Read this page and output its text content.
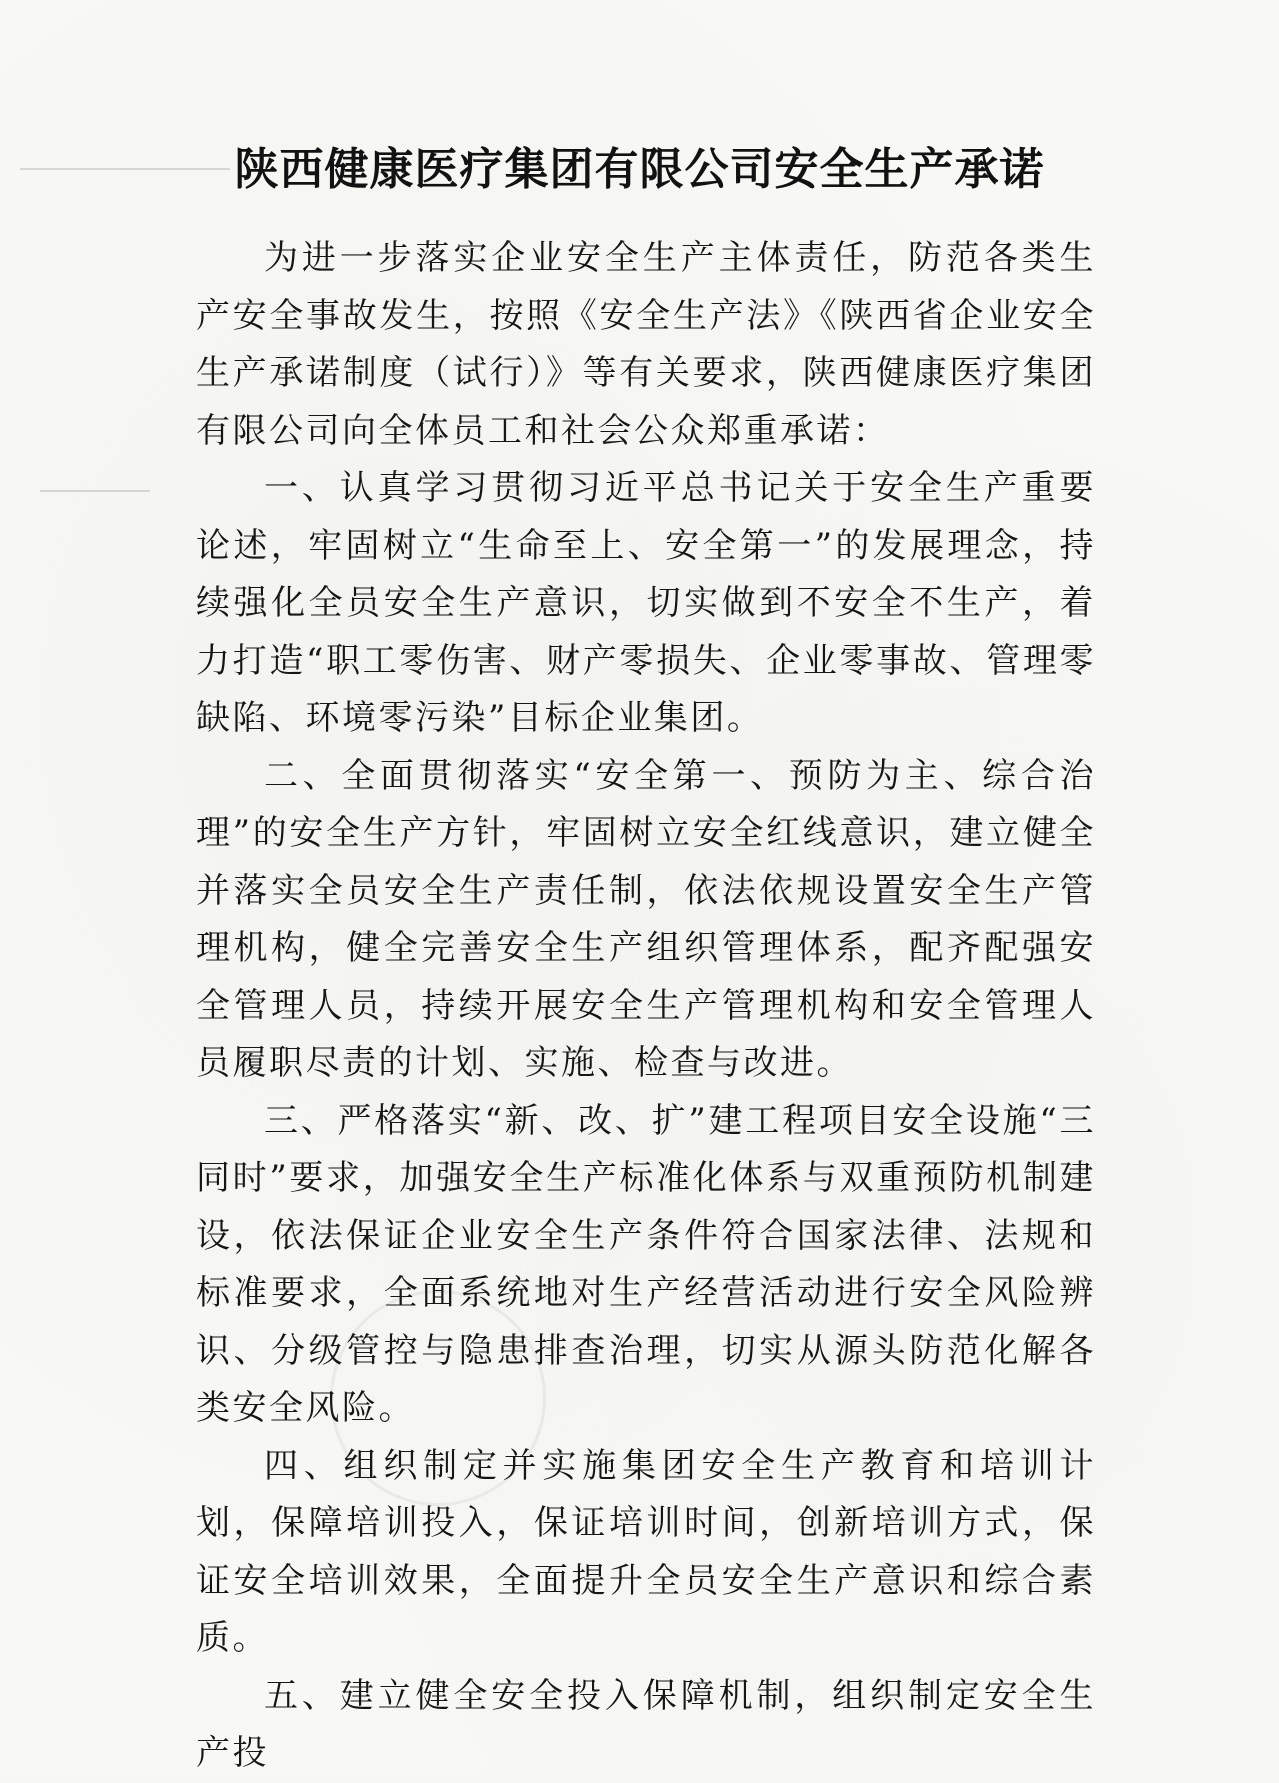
陕西健康医疗集团有限公司安全生产承诺

为进一步落实企业安全生产主体责任，防范各类生产安全事故发生，按照《安全生产法》《陕西省企业安全生产承诺制度（试行）》等有关要求，陕西健康医疗集团有限公司向全体员工和社会公众郑重承诺：

一、认真学习贯彻习近平总书记关于安全生产重要论述，牢固树立“生命至上、安全第一”的发展理念，持续强化全员安全生产意识，切实做到不安全不生产，着力打造“职工零伤害、财产零损失、企业零事故、管理零缺陷、环境零污染”目标企业集团。

二、全面贯彻落实“安全第一、预防为主、综合治理”的安全生产方针，牢固树立安全红线意识，建立健全并落实全员安全生产责任制，依法依规设置安全生产管理机构，健全完善安全生产组织管理体系，配齐配强安全管理人员，持续开展安全生产管理机构和安全管理人员履职尽责的计划、实施、检查与改进。

三、严格落实“新、改、扩”建工程项目安全设施“三同时”要求，加强安全生产标准化体系与双重预防机制建设，依法保证企业安全生产条件符合国家法律、法规和标准要求，全面系统地对生产经营活动进行安全风险辨识、分级管控与隐患排查治理，切实从源头防范化解各类安全风险。

四、组织制定并实施集团安全生产教育和培训计划，保障培训投入，保证培训时间，创新培训方式，保证安全培训效果，全面提升全员安全生产意识和综合素质。

五、建立健全安全投入保障机制，组织制定安全生产投
